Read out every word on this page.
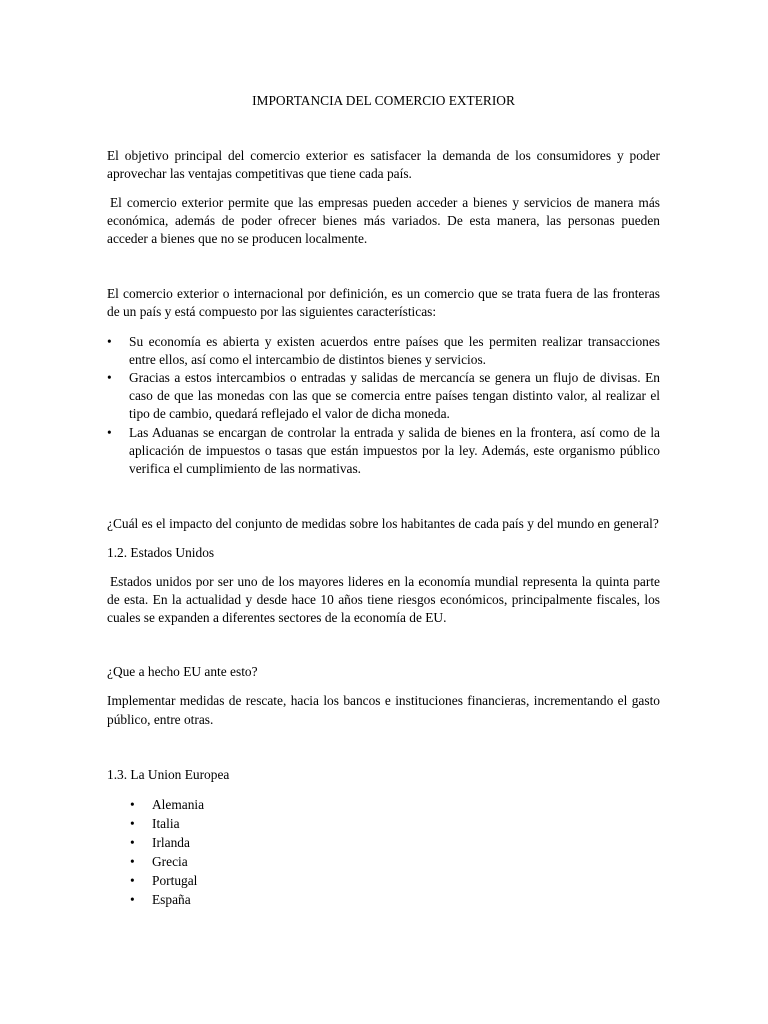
IMPORTANCIA DEL COMERCIO EXTERIOR

El objetivo principal del comercio exterior es satisfacer la demanda de los consumidores y poder aprovechar las ventajas competitivas que tiene cada país.

El comercio exterior permite que las empresas pueden acceder a bienes y servicios de manera más económica, además de poder ofrecer bienes más variados. De esta manera, las personas pueden acceder a bienes que no se producen localmente.

El comercio exterior o internacional por definición, es un comercio que se trata fuera de las fronteras de un país y está compuesto por las siguientes características:

• Su economía es abierta y existen acuerdos entre países que les permiten realizar transacciones entre ellos, así como el intercambio de distintos bienes y servicios.
• Gracias a estos intercambios o entradas y salidas de mercancía se genera un flujo de divisas. En caso de que las monedas con las que se comercia entre países tengan distinto valor, al realizar el tipo de cambio, quedará reflejado el valor de dicha moneda.
• Las Aduanas se encargan de controlar la entrada y salida de bienes en la frontera, así como de la aplicación de impuestos o tasas que están impuestos por la ley. Además, este organismo público verifica el cumplimiento de las normativas.

¿Cuál es el impacto del conjunto de medidas sobre los habitantes de cada país y del mundo en general?

1.2. Estados Unidos

Estados unidos por ser uno de los mayores lideres en la economía mundial representa la quinta parte de esta. En la actualidad y desde hace 10 años tiene riesgos económicos, principalmente fiscales, los cuales se expanden a diferentes sectores de la economía de EU.

¿Que a hecho EU ante esto?

Implementar medidas de rescate, hacia los bancos e instituciones financieras, incrementando el gasto público, entre otras.

1.3. La Union Europea

• Alemania
• Italia
• Irlanda
• Grecia
• Portugal
• España
